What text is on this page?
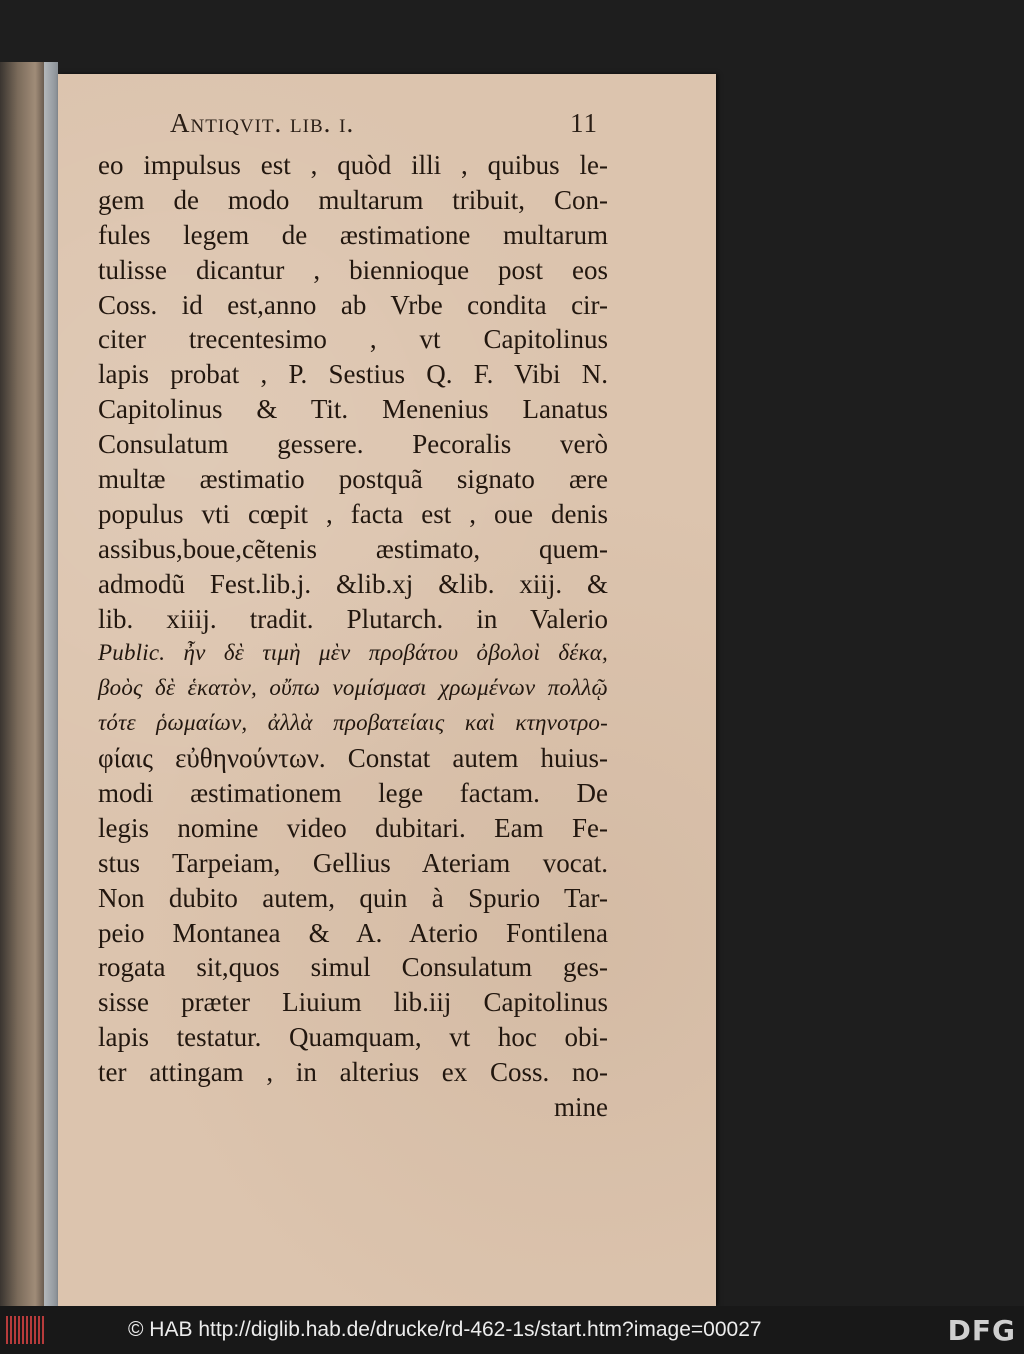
Antiqvit. lib. i.	11
eo impulsus est , quòd illi , quibus le-
gem de modo multarum tribuit, Con-
fules legem de æstimatione multarum
tulisse dicantur , biennioque post eos
Coss. id est,anno ab Vrbe condita cir-
citer trecentesimo , vt Capitolinus
lapis probat , P. Sestius Q. F. Vibi N.
Capitolinus & Tit. Menenius Lanatus
Consulatum gessere. Pecoralis verò
multæ æstimatio postquã signato ære
populus vti cœpit , facta est , oue denis
assibus,boue,cẽtenis æstimato, quem-
admodũ Fest.lib.j. &lib.xj &lib. xiij. &
lib. xiiij. tradit. Plutarch. in Valerio
Public. ἦν δὲ τιμὴ μὲν προβάτου ὀβολοὶ δέκα,
βοὸς δὲ ἑκατὸν, οὔπω νομίσμασι χρωμένων πολλῷ
τότε ῥωμαίων, ἀλλὰ προβατείαις καὶ κτηνοτρο-
φίαις εὐθηνούντων. Constat autem huius-
modi æstimationem lege factam. De
legis nomine video dubitari. Eam Fe-
stus Tarpeiam, Gellius Ateriam vocat.
Non dubito autem, quin à Spurio Tar-
peio Montanea & A. Aterio Fontilena
rogata sit,quos simul Consulatum ges-
sisse præter Liuium lib.iij Capitolinus
lapis testatur. Quamquam, vt hoc obi-
ter attingam , in alterius ex Coss. no-
mine
© HAB http://diglib.hab.de/drucke/rd-462-1s/start.htm?image=00027	DFG
